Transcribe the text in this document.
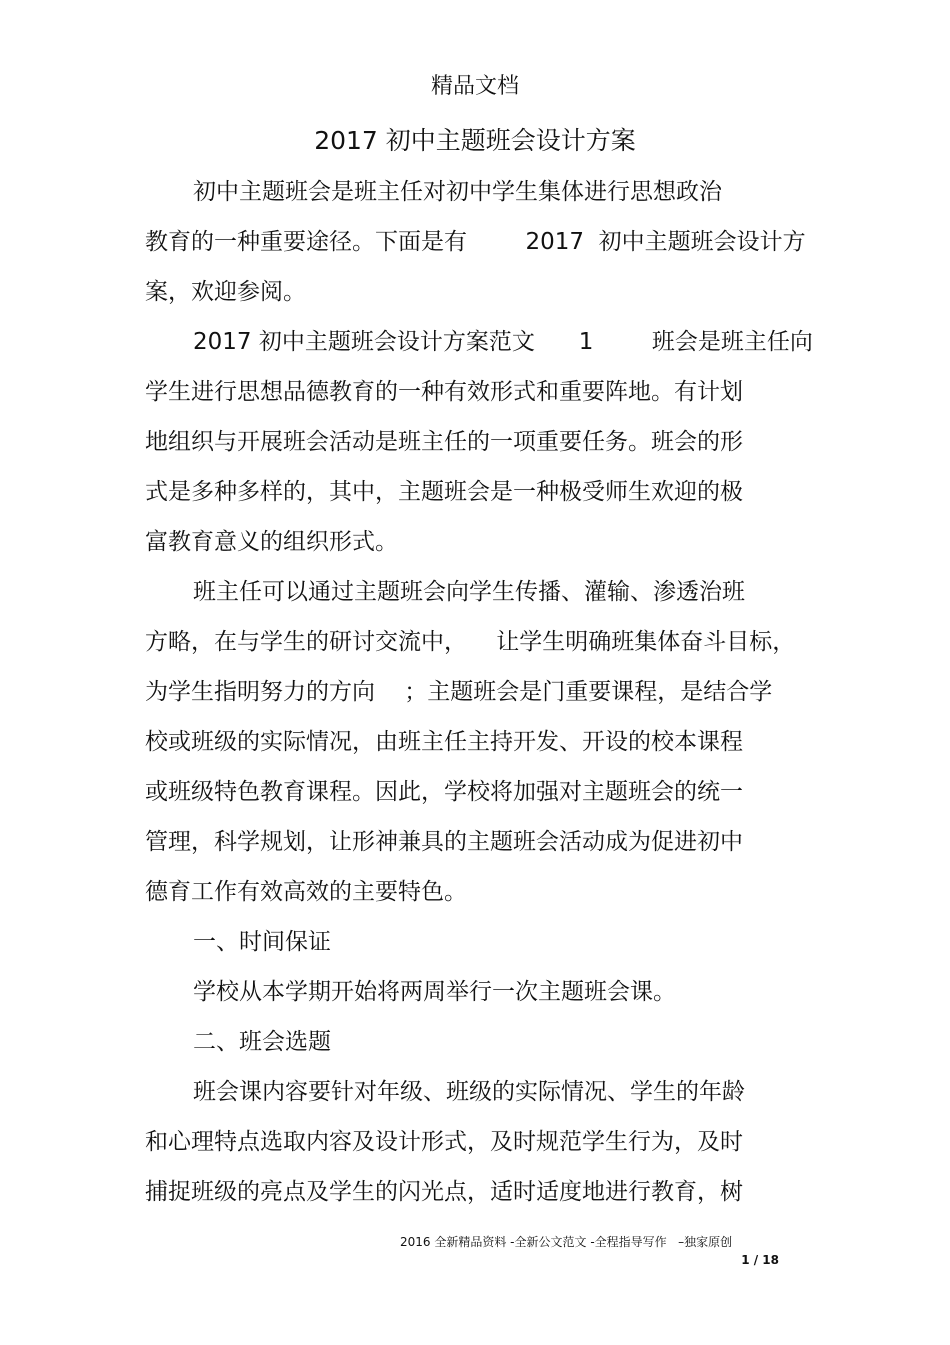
精品文档
2017 初中主题班会设计方案
初中主题班会是班主任对初中学生集体进行思想政治
教育的一种重要途径。下面是有        2017  初中主题班会设计方
案，欢迎参阅。
2017 初中主题班会设计方案范文      1        班会是班主任向
学生进行思想品德教育的一种有效形式和重要阵地。有计划
地组织与开展班会活动是班主任的一项重要任务。班会的形
式是多种多样的，其中，主题班会是一种极受师生欢迎的极
富教育意义的组织形式。
班主任可以通过主题班会向学生传播、灌输、渗透治班
方略，在与学生的研讨交流中，    让学生明确班集体奋斗目标，
为学生指明努力的方向    ；主题班会是门重要课程，是结合学
校或班级的实际情况，由班主任主持开发、开设的校本课程
或班级特色教育课程。因此，学校将加强对主题班会的统一
管理，科学规划，让形神兼具的主题班会活动成为促进初中
德育工作有效高效的主要特色。
一、时间保证
学校从本学期开始将两周举行一次主题班会课。
二、班会选题
班会课内容要针对年级、班级的实际情况、学生的年龄
和心理特点选取内容及设计形式，及时规范学生行为，及时
捕捉班级的亮点及学生的闪光点，适时适度地进行教育，树
2016 全新精品资料 -全新公文范文 -全程指导写作   –独家原创
1 / 18
